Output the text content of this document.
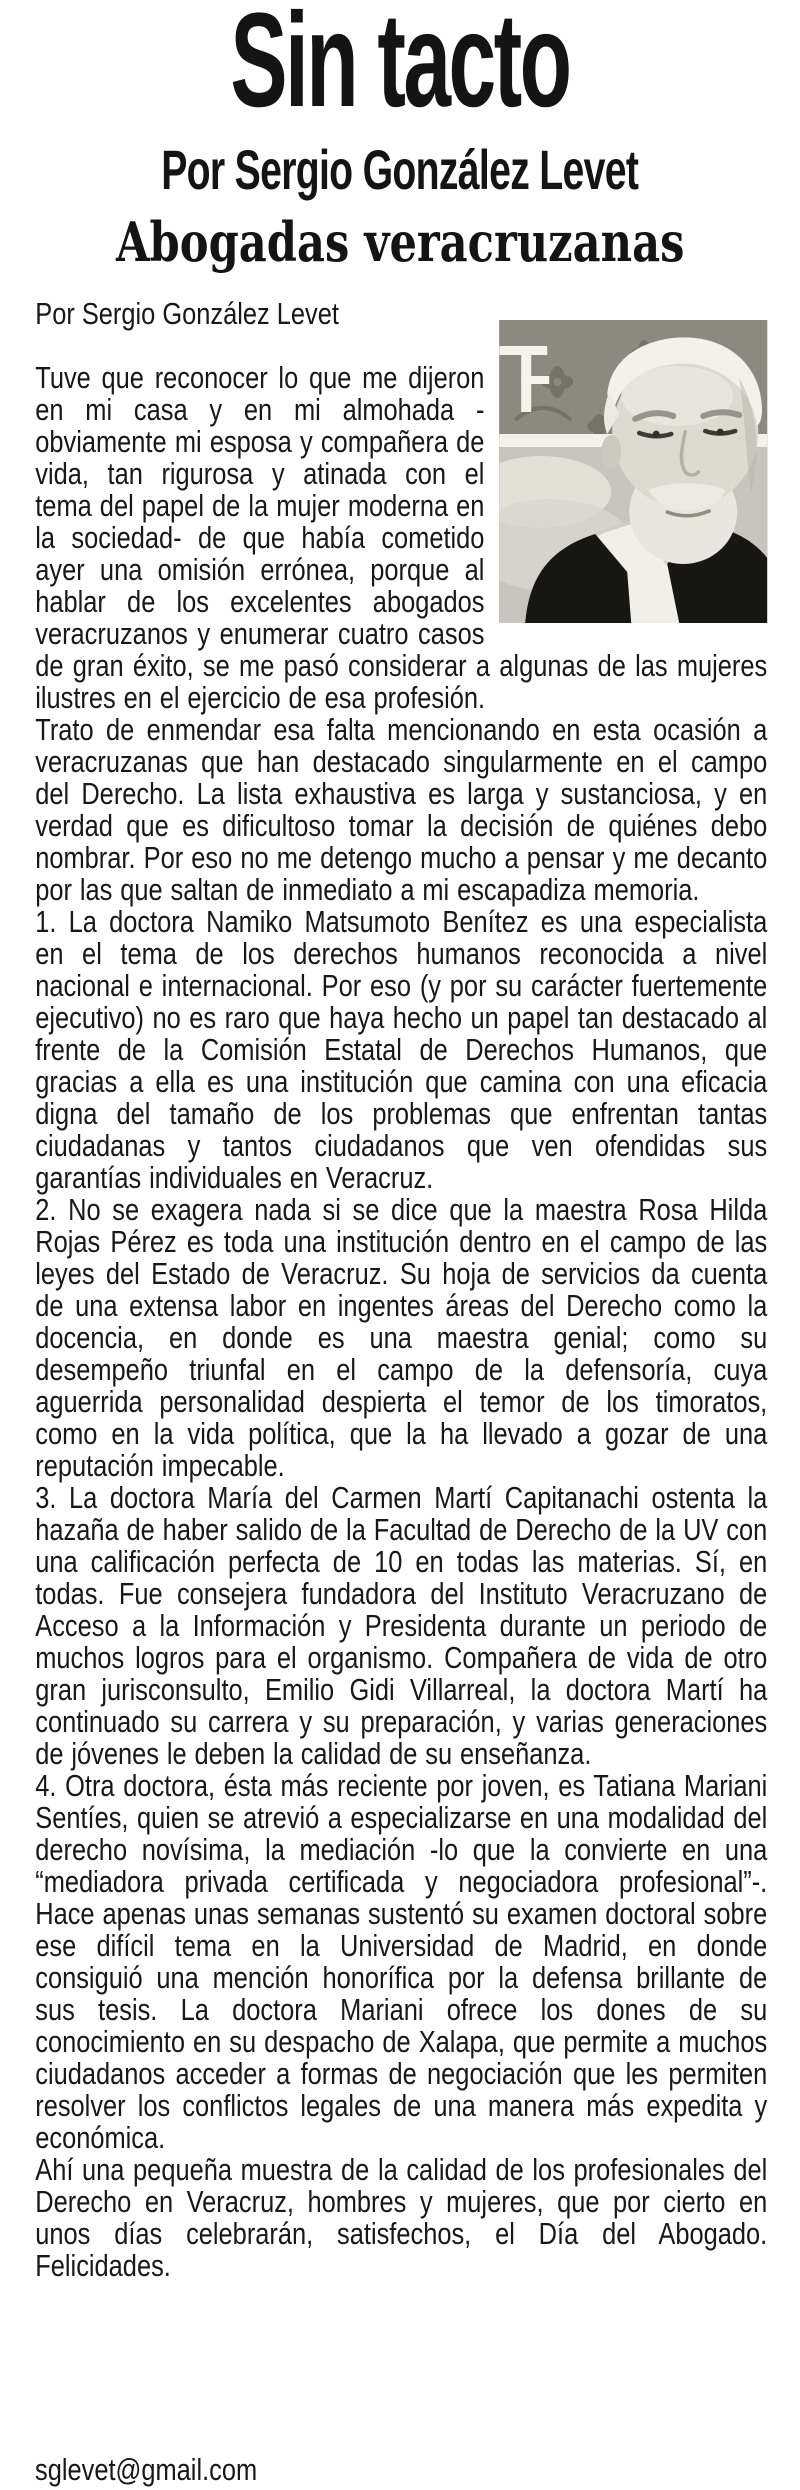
Sin tacto
Por Sergio González Levet
Abogadas veracruzanas

Por Sergio González Levet

Tuve que reconocer lo que me dijeron en mi casa y en mi almohada -obviamente mi esposa y compañera de vida, tan rigurosa y atinada con el tema del papel de la mujer moderna en la sociedad- de que había cometido ayer una omisión errónea, porque al hablar de los excelentes abogados veracruzanos y enumerar cuatro casos de gran éxito, se me pasó considerar a algunas de las mujeres ilustres en el ejercicio de esa profesión.

Trato de enmendar esa falta mencionando en esta ocasión a veracruzanas que han destacado singularmente en el campo del Derecho. La lista exhaustiva es larga y sustanciosa, y en verdad que es dificultoso tomar la decisión de quiénes debo nombrar. Por eso no me detengo mucho a pensar y me decanto por las que saltan de inmediato a mi escapadiza memoria.

1. La doctora Namiko Matsumoto Benítez es una especialista en el tema de los derechos humanos reconocida a nivel nacional e internacional. Por eso (y por su carácter fuertemente ejecutivo) no es raro que haya hecho un papel tan destacado al frente de la Comisión Estatal de Derechos Humanos, que gracias a ella es una institución que camina con una eficacia digna del tamaño de los problemas que enfrentan tantas ciudadanas y tantos ciudadanos que ven ofendidas sus garantías individuales en Veracruz.

2. No se exagera nada si se dice que la maestra Rosa Hilda Rojas Pérez es toda una institución dentro en el campo de las leyes del Estado de Veracruz. Su hoja de servicios da cuenta de una extensa labor en ingentes áreas del Derecho como la docencia, en donde es una maestra genial; como su desempeño triunfal en el campo de la defensoría, cuya aguerrida personalidad despierta el temor de los timoratos, como en la vida política, que la ha llevado a gozar de una reputación impecable.

3. La doctora María del Carmen Martí Capitanachi ostenta la hazaña de haber salido de la Facultad de Derecho de la UV con una calificación perfecta de 10 en todas las materias. Sí, en todas. Fue consejera fundadora del Instituto Veracruzano de Acceso a la Información y Presidenta durante un periodo de muchos logros para el organismo. Compañera de vida de otro gran jurisconsulto, Emilio Gidi Villarreal, la doctora Martí ha continuado su carrera y su preparación, y varias generaciones de jóvenes le deben la calidad de su enseñanza.

4. Otra doctora, ésta más reciente por joven, es Tatiana Mariani Sentíes, quien se atrevió a especializarse en una modalidad del derecho novísima, la mediación -lo que la convierte en una “mediadora privada certificada y negociadora profesional”-. Hace apenas unas semanas sustentó su examen doctoral sobre ese difícil tema en la Universidad de Madrid, en donde consiguió una mención honorífica por la defensa brillante de sus tesis. La doctora Mariani ofrece los dones de su conocimiento en su despacho de Xalapa, que permite a muchos ciudadanos acceder a formas de negociación que les permiten resolver los conflictos legales de una manera más expedita y económica.

Ahí una pequeña muestra de la calidad de los profesionales del Derecho en Veracruz, hombres y mujeres, que por cierto en unos días celebrarán, satisfechos, el Día del Abogado. Felicidades.

sglevet@gmail.com
